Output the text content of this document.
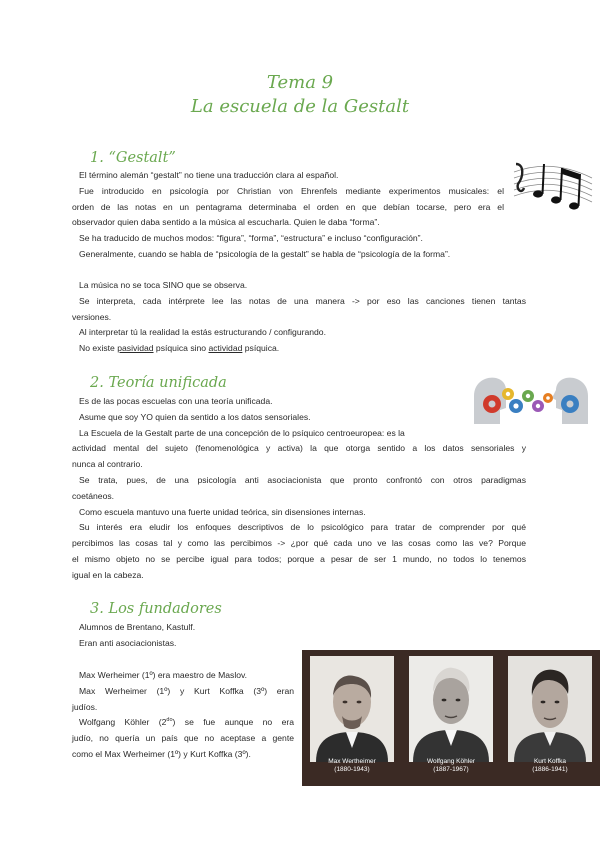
Tema 9
La escuela de la Gestalt
1. “Gestalt”
El término alemán “gestalt” no tiene una traducción clara al español.
Fue introducido en psicología por Christian von Ehrenfels mediante experimentos musicales: el
orden de las notas en un pentagrama determinaba el orden en que debían tocarse, pero era el
observador quien daba sentido a la música al escucharla. Quien le daba “forma”.
Se ha traducido de muchos modos: “figura”, “forma”, “estructura” e incluso “configuración”.
Generalmente, cuando se habla de “psicología de la gestalt” se habla de “psicología de la forma”.
La música no se toca SINO que se observa.
Se interpreta, cada intérprete lee las notas de una manera -> por eso las canciones tienen tantas
versiones.
Al interpretar tú la realidad la estás estructurando / configurando.
No existe pasividad psíquica sino actividad psíquica.
2. Teoría unificada
Es de las pocas escuelas con una teoría unificada.
Asume que soy YO quien da sentido a los datos sensoriales.
La Escuela de la Gestalt parte de una concepción de lo psíquico centroeuropea: es la
actividad mental del sujeto (fenomenológica y activa) la que otorga sentido a los datos sensoriales y
nunca al contrario.
Se trata, pues, de una psicología anti asociacionista que pronto confrontó con otros paradigmas
coetáneos.
Como escuela mantuvo una fuerte unidad teórica, sin disensiones internas.
Su interés era eludir los enfoques descriptivos de lo psicológico para tratar de comprender por qué
percibimos las cosas tal y como las percibimos -> ¿por qué cada uno ve las cosas como las ve? Porque
el mismo objeto no se percibe igual para todos; porque a pesar de ser 1 mundo, no todos lo tenemos
igual en la cabeza.
3. Los fundadores
Alumnos de Brentano, Kastulf.
Eran anti asociacionistas.
Max Werheimer (1º) era maestro de Maslov.
Max Werheimer (1º) y Kurt Koffka (3º) eran
judíos.
Wolfgang Köhler $(2^{do})$ se fue aunque no era
judío, no quería un país que no aceptase a gente
como el Max Werheimer (1º) y Kurt Koffka (3º).
Max Wertheimer
(1880-1943)
Wolfgang Köhler
(1887-1967)
Kurt Koffka
(1886-1941)
